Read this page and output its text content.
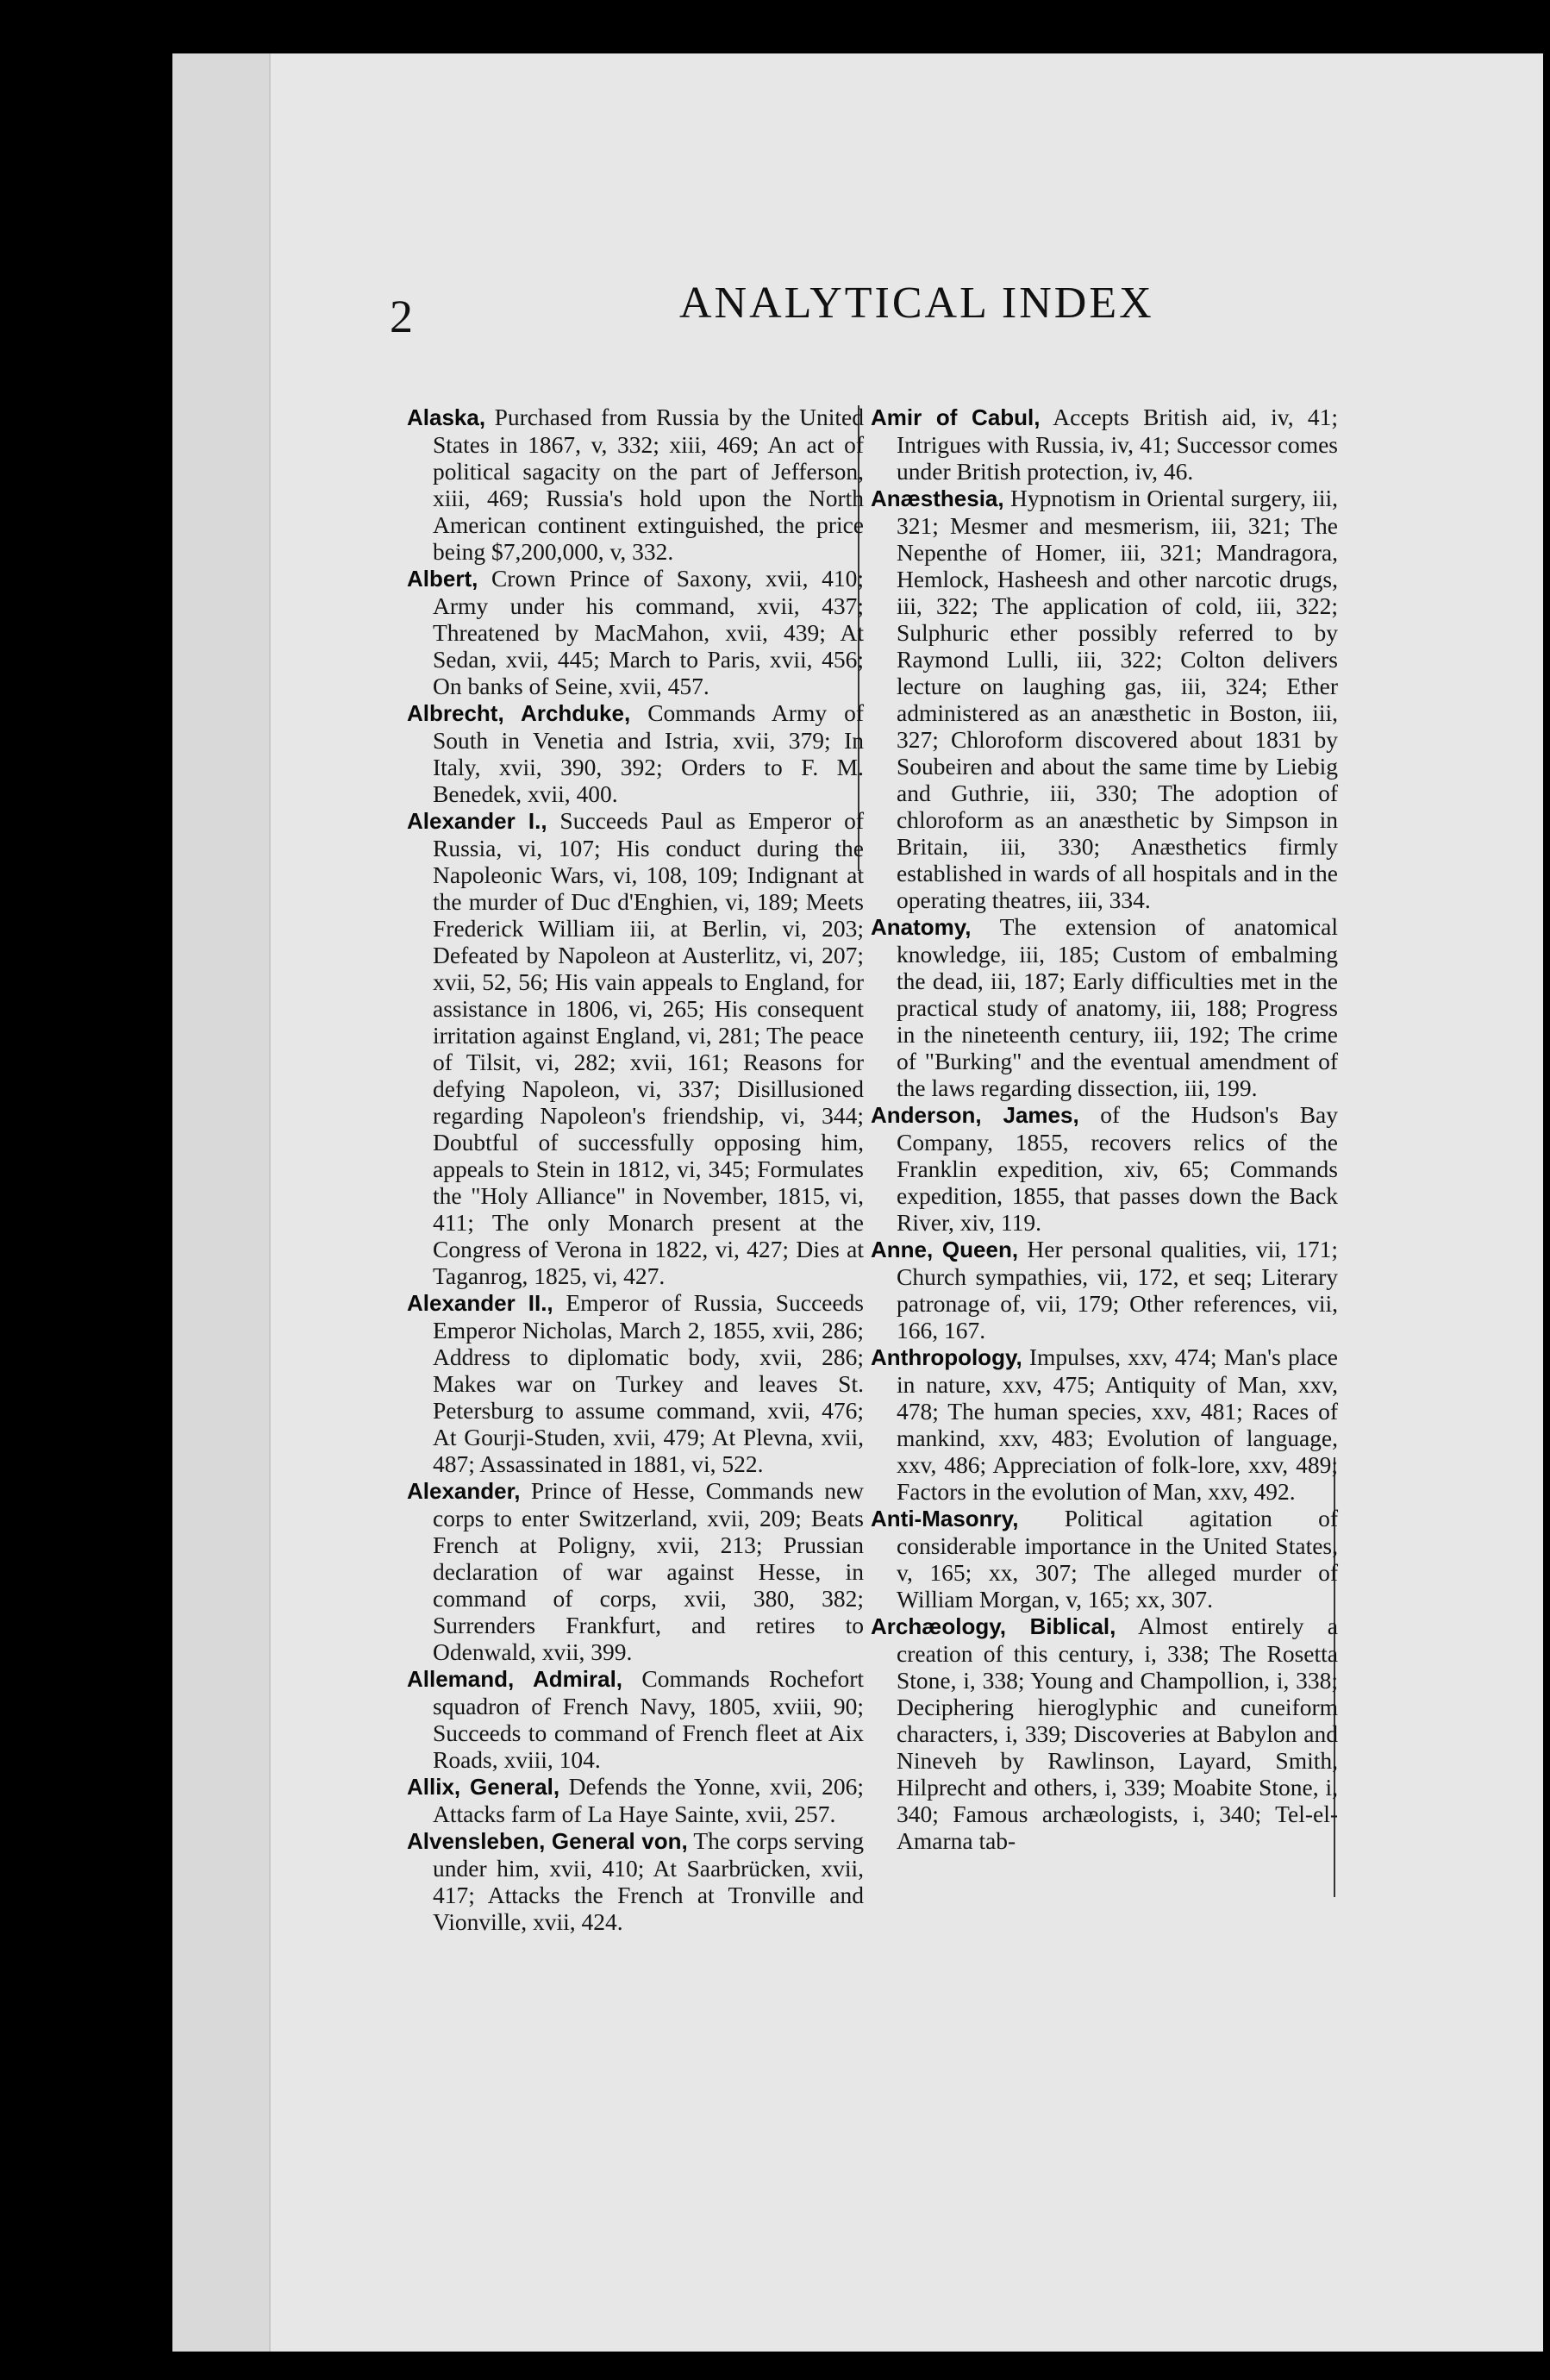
2	ANALYTICAL INDEX

Alaska, Purchased from Russia by the United States in 1867, v, 332; xiii, 469; An act of political sagacity on the part of Jefferson, xiii, 469; Russia's hold upon the North American continent extinguished, the price being $7,200,000, v, 332.

Albert, Crown Prince of Saxony, xvii, 410; Army under his command, xvii, 437; Threatened by MacMahon, xvii, 439; At Sedan, xvii, 445; March to Paris, xvii, 456; On banks of Seine, xvii, 457.

Albrecht, Archduke, Commands Army of South in Venetia and Istria, xvii, 379; In Italy, xvii, 390, 392; Orders to F. M. Benedek, xvii, 400.

Alexander I., Succeeds Paul as Emperor of Russia, vi, 107; His conduct during the Napoleonic Wars, vi, 108, 109; Indignant at the murder of Duc d'Enghien, vi, 189; Meets Frederick William iii, at Berlin, vi, 203; Defeated by Napoleon at Austerlitz, vi, 207; xvii, 52, 56; His vain appeals to England, for assistance in 1806, vi, 265; His consequent irritation against England, vi, 281; The peace of Tilsit, vi, 282; xvii, 161; Reasons for defying Napoleon, vi, 337; Disillusioned regarding Napoleon's friendship, vi, 344; Doubtful of successfully opposing him, appeals to Stein in 1812, vi, 345; Formulates the "Holy Alliance" in November, 1815, vi, 411; The only Monarch present at the Congress of Verona in 1822, vi, 427; Dies at Taganrog, 1825, vi, 427.

Alexander II., Emperor of Russia, Succeeds Emperor Nicholas, March 2, 1855, xvii, 286; Address to diplomatic body, xvii, 286; Makes war on Turkey and leaves St. Petersburg to assume command, xvii, 476; At Gourji-Studen, xvii, 479; At Plevna, xvii, 487; Assassinated in 1881, vi, 522.

Alexander, Prince of Hesse, Commands new corps to enter Switzerland, xvii, 209; Beats French at Poligny, xvii, 213; Prussian declaration of war against Hesse, in command of corps, xvii, 380, 382; Surrenders Frankfurt, and retires to Odenwald, xvii, 399.

Allemand, Admiral, Commands Rochefort squadron of French Navy, 1805, xviii, 90; Succeeds to command of French fleet at Aix Roads, xviii, 104.

Allix, General, Defends the Yonne, xvii, 206; Attacks farm of La Haye Sainte, xvii, 257.

Alvensleben, General von, The corps serving under him, xvii, 410; At Saarbrücken, xvii, 417; Attacks the French at Tronville and Vionville, xvii, 424.

Amir of Cabul, Accepts British aid, iv, 41; Intrigues with Russia, iv, 41; Successor comes under British protection, iv, 46.

Anæsthesia, Hypnotism in Oriental surgery, iii, 321; Mesmer and mesmerism, iii, 321; The Nepenthe of Homer, iii, 321; Mandragora, Hemlock, Hasheesh and other narcotic drugs, iii, 322; The application of cold, iii, 322; Sulphuric ether possibly referred to by Raymond Lulli, iii, 322; Colton delivers lecture on laughing gas, iii, 324; Ether administered as an anæsthetic in Boston, iii, 327; Chloroform discovered about 1831 by Soubeiren and about the same time by Liebig and Guthrie, iii, 330; The adoption of chloroform as an anæsthetic by Simpson in Britain, iii, 330; Anæsthetics firmly established in wards of all hospitals and in the operating theatres, iii, 334.

Anatomy, The extension of anatomical knowledge, iii, 185; Custom of embalming the dead, iii, 187; Early difficulties met in the practical study of anatomy, iii, 188; Progress in the nineteenth century, iii, 192; The crime of "Burking" and the eventual amendment of the laws regarding dissection, iii, 199.

Anderson, James, of the Hudson's Bay Company, 1855, recovers relics of the Franklin expedition, xiv, 65; Commands expedition, 1855, that passes down the Back River, xiv, 119.

Anne, Queen, Her personal qualities, vii, 171; Church sympathies, vii, 172, et seq; Literary patronage of, vii, 179; Other references, vii, 166, 167.

Anthropology, Impulses, xxv, 474; Man's place in nature, xxv, 475; Antiquity of Man, xxv, 478; The human species, xxv, 481; Races of mankind, xxv, 483; Evolution of language, xxv, 486; Appreciation of folk-lore, xxv, 489; Factors in the evolution of Man, xxv, 492.

Anti-Masonry, Political agitation of considerable importance in the United States, v, 165; xx, 307; The alleged murder of William Morgan, v, 165; xx, 307.

Archæology, Biblical, Almost entirely a creation of this century, i, 338; The Rosetta Stone, i, 338; Young and Champollion, i, 338; Deciphering hieroglyphic and cuneiform characters, i, 339; Discoveries at Babylon and Nineveh by Rawlinson, Layard, Smith, Hilprecht and others, i, 339; Moabite Stone, i, 340; Famous archæologists, i, 340; Tel-el-Amarna tab-
